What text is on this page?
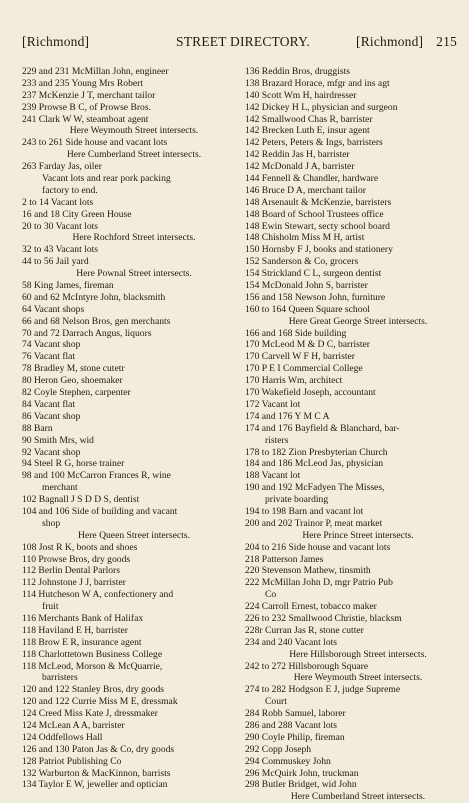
[Richmond]	STREET DIRECTORY.	[Richmond] 215
229 and 231 McMillan John, engineer
233 and 235 Young Mrs Robert
237 McKenzie J T, merchant tailor
239 Prowse B C, of Prowse Bros.
241 Clark W W, steamboat agent
Here Weymouth Street intersects.
243 to 261 Side house and vacant lots
Here Cumberland Street intersects.
263 Farday Jas, oiler
Vacant lots and rear pork packing
factory to end.
2 to 14 Vacant lots
16 and 18 City Green House
20 to 30 Vacant lots
Here Rochford Street intersects.
32 to 43 Vacant lots
44 to 56 Jail yard
Here Pownal Street intersects.
58 King James, fireman
60 and 62 McIntyre John, blacksmith
64 Vacant shops
66 and 68 Nelson Bros, gen merchants
70 and 72 Darrach Angus, liquors
74 Vacant shop
76 Vacant flat
78 Bradley M, stone cutetr
80 Heron Geo, shoemaker
82 Coyle Stephen, carpenter
84 Vacant flat
86 Vacant shop
88 Barn
90 Smith Mrs, wid
92 Vacant shop
94 Steel R G, horse trainer
98 and 100 McCarron Frances R, wine
merchant
102 Bagnall J S D D S, dentist
104 and 106 Side of building and vacant
shop
Here Queen Street intersects.
108 Jost R K, boots and shoes
110 Prowse Bros, dry goods
112 Berlin Dental Parlors
112 Johnstone J J, barrister
114 Hutcheson W A, confectionery and
fruit
116 Merchants Bank of Halifax
118 Haviland E H, barrister
118 Brow E R, insurance agent
118 Charlottetown Business College
118 McLeod, Morson & McQuarrie,
barristers
120 and 122 Stanley Bros, dry goods
120 and 122 Currie Miss M E, dressmak
124 Creed Miss Kate J, dressmaker
124 McLean A A, barrister
124 Oddfellows Hall
126 and 130 Paton Jas & Co, dry goods
128 Patriot Publishing Co
132 Warburton & MacKinnon, barrists
134 Taylor E W, jeweller and optician
136 Reddin Bros, druggists
138 Brazard Horace, mfgr and ins agt
140 Scott Wm H, hairdresser
142 Dickey H L, physician and surgeon
142 Smallwood Chas R, barrister
142 Brecken Luth E, insur agent
142 Peters, Peters & Ings, barristers
142 Reddin Jas H, barrister
142 McDonald J A, barrister
144 Fennell & Chandler, hardware
146 Bruce D A, merchant tailor
148 Arsenault & McKenzie, barristers
148 Board of School Trustees office
148 Ewin Stewart, secty school board
148 Chisholm Miss M H, artist
150 Hornsby F J, books and stationery
152 Sanderson & Co, grocers
154 Strickland C L, surgeon dentist
154 McDonald John S, barrister
156 and 158 Newson John, furniture
160 to 164 Queen Square school
Here Great George Street intersects.
166 and 168 Side building
170 McLeod M & D C, barrister
170 Carvell W F H, barrister
170 P E I Commercial College
170 Harris Wm, architect
170 Wakefield Joseph, accountant
172 Vacant lot
174 and 176 Y M C A
174 and 176 Bayfield & Blanchard, bar-
risters
178 to 182 Zion Presbyterian Church
184 and 186 McLeod Jas, physician
188 Vacant lot
190 and 192 McFadyen The Misses,
private boarding
194 to 198 Barn and vacant lot
200 and 202 Trainor P, meat market
Here Prince Street intersects.
204 to 216 Side house and vacant lots
218 Patterson James
220 Stevenson Mathew, tinsmith
222 McMillan John D, mgr Patrio Pub
Co
224 Carroll Ernest, tobacco maker
226 to 232 Smallwood Christie, blacksm
228r Curran Jas R, stone cutter
234 and 240 Vacant lots
Here Hillsborough Street intersects.
242 to 272 Hillsborough Square
Here Weymouth Street intersects.
274 to 282 Hodgson E J, judge Supreme
Court
284 Robb Samuel, laborer
286 and 288 Vacant lots
290 Coyle Philip, fireman
292 Copp Joseph
294 Commuskey John
296 McQuirk John, truckman
298 Butler Bridget, wid John
Here Cumberland Street intersects.
